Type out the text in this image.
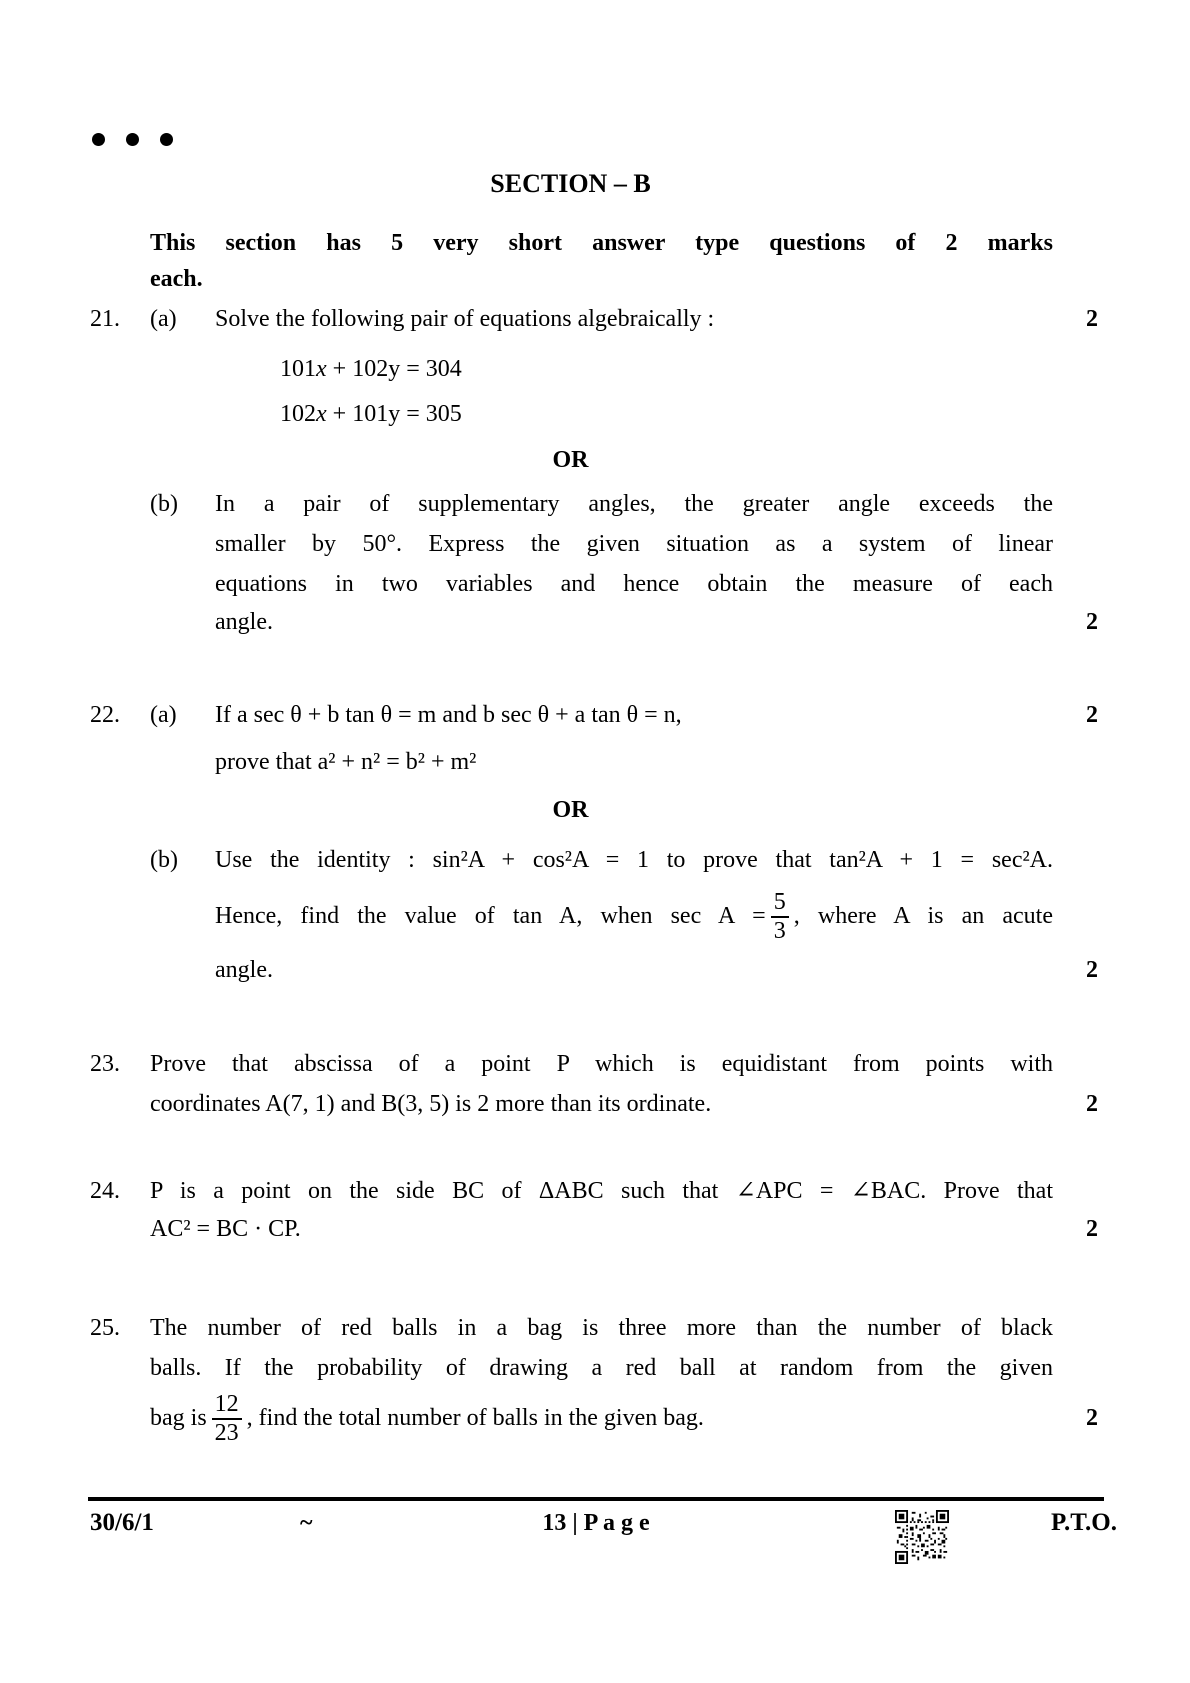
SECTION – B
This section has 5 very short answer type questions of 2 marks
each.
21. (a) Solve the following pair of equations algebraically :	2
101x + 102y = 304
102x + 101y = 305
OR
(b) In a pair of supplementary angles, the greater angle exceeds the
smaller by 50°. Express the given situation as a system of linear
equations in two variables and hence obtain the measure of each
angle.	2
22. (a) If a sec θ + b tan θ = m and b sec θ + a tan θ = n,	2
prove that a² + n² = b² + m²
OR
(b) Use the identity : sin²A + cos²A = 1 to prove that tan²A + 1 = sec²A.
Hence, find the value of tan A, when $\sec A = \frac{5}{3}$ , where A is an acute
angle.	2
23. Prove that abscissa of a point P which is equidistant from points with
coordinates A(7, 1) and B(3, 5) is 2 more than its ordinate.	2
24. P is a point on the side BC of ΔABC such that ∠APC = ∠BAC. Prove that
AC² = BC · CP.	2
25. The number of red balls in a bag is three more than the number of black
balls. If the probability of drawing a red ball at random from the given
bag is $\frac{12}{23}$ , find the total number of balls in the given bag.	2
30/6/1	~	13 | P a g e	P.T.O.
